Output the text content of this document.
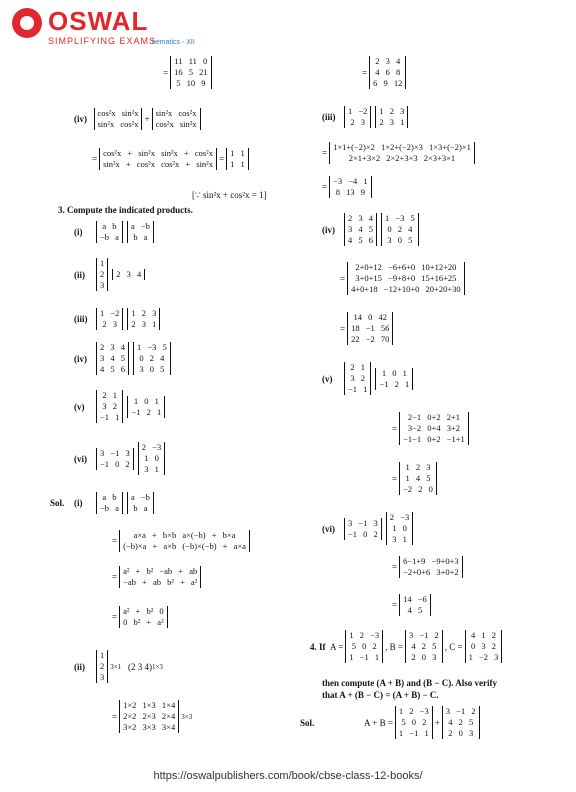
OSWAL
SIMPLIFYING EXAMS
hematics - XII
=
11 11 0
16 5 21
5 10 9
(iv)

cos²x sin²x
sin²x cos²x +
sin²x cos²x
cos²x sin²x
=
cos²x + sin²x sin²x + cos²x
sin²x + cos²x cos²x + sin²x =
1 1
1 1
[∵ sin²x + cos²x = 1]
3. Compute the indicated products.
(i)
a b
−b a
a −b
b a
(ii)
1
2
3
2 3 4
(iii)
1 −2
2 3
1 2 3
2 3 1
(iv)
2 3 4
3 4 5
4 5 6
1 −3 5
0 2 4
3 0 5
(v)
2 1
3 2
−1 1
1 0 1
−1 2 1
(vi)
3 −1 3
−1 0 2
2 −3
1 0
3 1
Sol.	(i)
a b
−b a
a −b
b a
=
a×a + b×b a×(−b) + b×a
(−b)×a + a×b (−b)×(−b) + a×a
=
a² + b² −ab + ab
−ab + ab b² + a²
=
a² + b² 0
0 b² + a²
(ii)
1
2
3
3×1
(2 3 4) 1×3
=
1×2 1×3 1×4
2×2 2×3 2×4
3×2 3×3 3×4
3×3
=
2 3 4
4 6 8
6 9 12
(iii)
1 −2
2 3
1 2 3
2 3 1
=
1×1+(−2)×2 1×2+(−2)×3 1×3+(−2)×1
2×1+3×2 2×2+3×3 2×3+3×1
=
−3 −4 1
8 13 9
(iv)
2 3 4
3 4 5
4 5 6
1 −3 5
0 2 4
3 0 5
=
2+0+12 −6+6+0 10+12+20
3+0+15 −9+8+0 15+16+25
4+0+18 −12+10+0 20+20+30
=
14 0 42
18 −1 56
22 −2 70
(v)
2 1
3 2
−1 1
1 0 1
−1 2 1
=
2−1 0+2 2+1
3−2 0+4 3+2
−1−1 0+2 −1+1
=
1 2 3
1 4 5
−2 2 0
(vi)
3 −1 3
−1 0 2
2 −3
1 0
3 1
=
6−1+9 −9+0+3
−2+0+6 3+0+2
=
14 −6
4 5
4. If
A =
1 2 −3
5 0 2
1 −1 1
, B =
3 −1 2
4 2 5
2 0 3
, C =
4 1 2
0 3 2
1 −2 3
then compute (A + B) and (B − C). Also verify
that A + (B − C) = (A + B) − C.
Sol.	A + B =
1 2 −3
5 0 2
1 −1 1
+
3 −1 2
4 2 5
2 0 3
https://oswalpublishers.com/book/cbse-class-12-books/
